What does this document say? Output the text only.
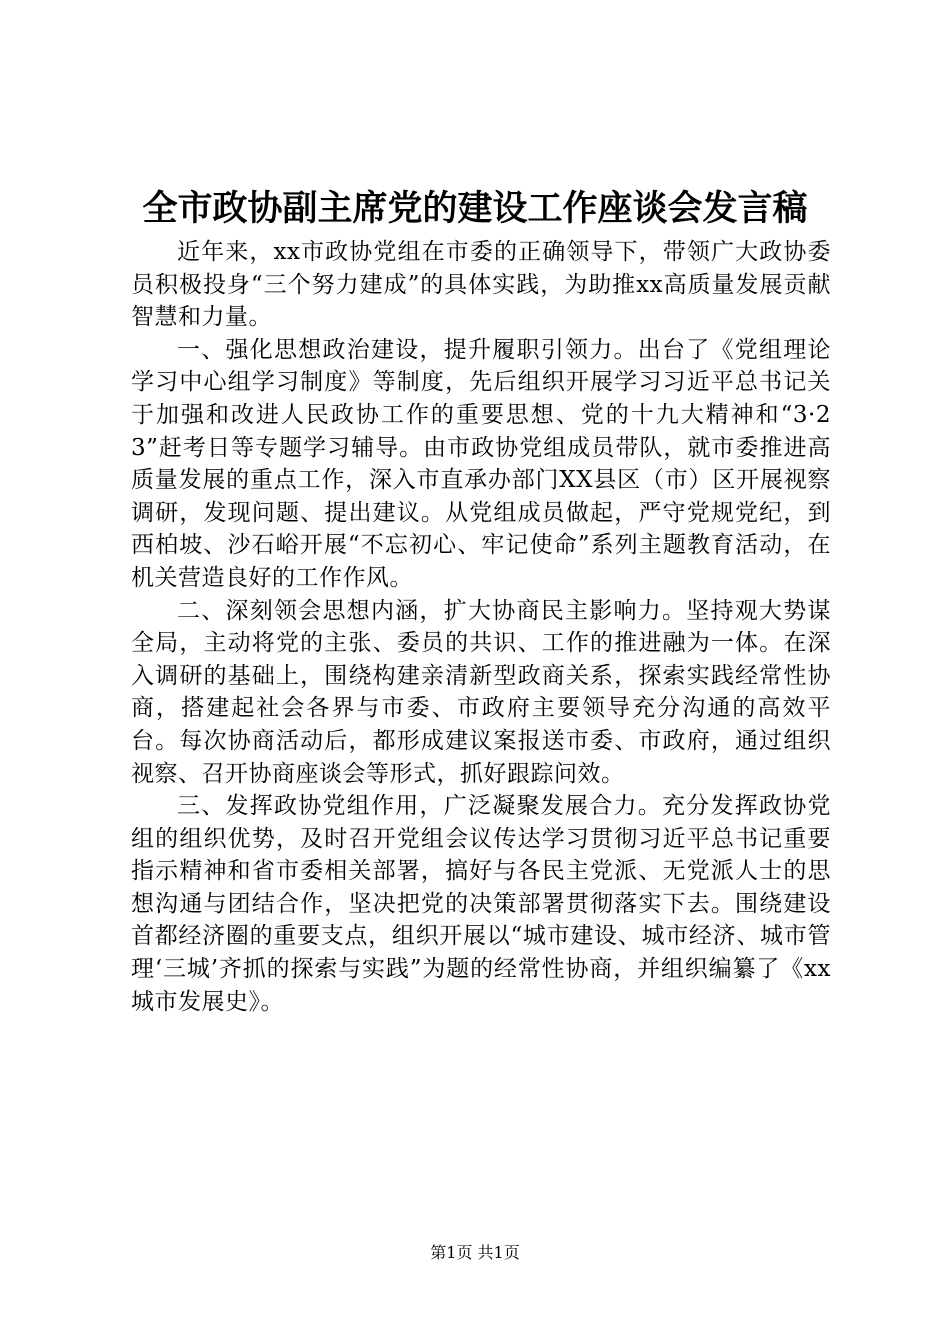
全市政协副主席党的建设工作座谈会发言稿

近年来，xx市政协党组在市委的正确领导下，带领广大政协委员积极投身“三个努力建成”的具体实践，为助推xx高质量发展贡献智慧和力量。

一、强化思想政治建设，提升履职引领力。出台了《党组理论学习中心组学习制度》等制度，先后组织开展学习习近平总书记关于加强和改进人民政协工作的重要思想、党的十九大精神和“3·23”赶考日等专题学习辅导。由市政协党组成员带队，就市委推进高质量发展的重点工作，深入市直承办部门XX县区（市）区开展视察调研，发现问题、提出建议。从党组成员做起，严守党规党纪，到西柏坡、沙石峪开展“不忘初心、牢记使命”系列主题教育活动，在机关营造良好的工作作风。

二、深刻领会思想内涵，扩大协商民主影响力。坚持观大势谋全局，主动将党的主张、委员的共识、工作的推进融为一体。在深入调研的基础上，围绕构建亲清新型政商关系，探索实践经常性协商，搭建起社会各界与市委、市政府主要领导充分沟通的高效平台。每次协商活动后，都形成建议案报送市委、市政府，通过组织视察、召开协商座谈会等形式，抓好跟踪问效。

三、发挥政协党组作用，广泛凝聚发展合力。充分发挥政协党组的组织优势，及时召开党组会议传达学习贯彻习近平总书记重要指示精神和省市委相关部署，搞好与各民主党派、无党派人士的思想沟通与团结合作，坚决把党的决策部署贯彻落实下去。围绕建设首都经济圈的重要支点，组织开展以“城市建设、城市经济、城市管理‘三城’齐抓的探索与实践”为题的经常性协商，并组织编纂了《xx城市发展史》。

第1页 共1页
